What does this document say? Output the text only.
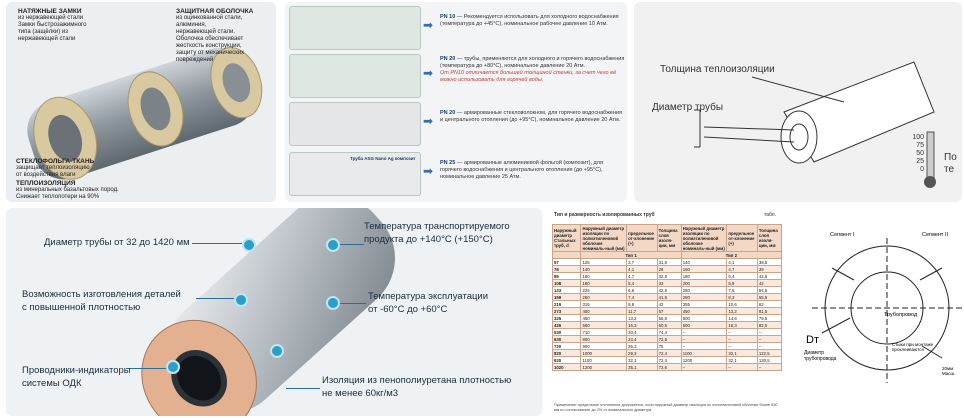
НАТЯЖНЫЕ ЗАМКИ
из нержавеющей стали
Замки быстрозажимного
типа (защёлки) из
нержавеющей стали
ЗАЩИТНАЯ ОБОЛОЧКА
из оцинкованной стали, алюминия,
нержавеющей стали.
Оболочка обеспечивает жесткость конструкции,
защиту от механических повреждений
СТЕКЛОФОЛЬГА-ТКАНЬ
защищает теплоизоляцию
от воздействия влаги
ТЕПЛОИЗОЛЯЦИЯ
из минеральных базальтовых пород.
Снижает теплопотери на 90%
➡
PN 10 — Рекомендуется использовать для холодного водоснабжения (температура до +45°С), номинальное рабочее давление 10 Атм.
➡
PN 20 — трубы, применяются для холодного и горячего водоснабжения (температура до +80°С), номинальное давление 20 Атм.
От PN10 отличается большей толщиной стенки, за счет чего её можно использовать для горячей воды.
➡
PN 20 — армированные стекловолокном, для горячего водоснабжения и центрального отопления (до +95°С), номинальное давление 20 Атм.
Труба ASG Nano Ag композит
➡
PN 25 — армированные алюминиевой фольгой (композит), для горячего водоснабжения и центрального отопления (до +95°С), номинальное давление 25 Атм.
Толщина теплоизоляции
Диаметр трубы
100
75
50
25
0
По
те
Диаметр трубы от 32 до 1420 мм
Возможность изготовления деталей
с повышенной плотностью
Проводники-индикаторы
системы ОДК
Температура транспортируемого
продукта до +140°С (+150°С)
Температура эксплуатации
от -60°С до +60°С
Изоляция из пенополиуретана плотностью
не менее 60кг/м3
Тип и размерность изолированных труб	табл.
Наружный диаметр Стальных труб, d	Наружный диаметр изоляции по полиэтиленовой оболочке номиналь-ный (мм)	предельное от-клонение (+)	Толщина слоя изоля-ции, мм	Наружный диаметр изоляции по полиэтиленовой оболочке номиналь-ный (мм)	предельное от-клонение (+)	Толщина слоя изоля-ции, мм
	Тип 1			Тип 2		
57	125	3,7	31,5	140	4,1	38,5
76	140	4,1	28	160	4,7	39
89	160	4,7	32,5	180	5,4	42,5
108	180	5,4	33	200	5,9	42
133	225	6,6	42,5	250	7,6	54,5
159	250	7,4	41,5	280	8,3	55,5
219	315	9,8	42	355	10,6	62
273	400	11,7	57	450	13,2	81,5
325	450	13,2	55,5	500	14,6	79,5
426	560	16,3	60,5	600	16,3	82,5
530	710	20,4	74,4	–	–	–
630	800	23,4	72,5	–	–	–
720	900	26,3	75	–	–	–
820	1000	29,3	72,4	1100	32,1	122,5
920	1100	32,1	72,4	1200	32,1	130,5
1020	1200	35,1	72,6	–	–	–
Примечание: предельное отклонение допускается, если наружный диаметр изоляции по полиэтиленовой оболочке более 630 мм по согласованию до 2% от номинального диаметра.
Сегмент I	Сегмент II
Трубопровод
Dт
Диаметр
трубопровода
Стыки при монтаже
проклеиваются
20мм
Масш.
